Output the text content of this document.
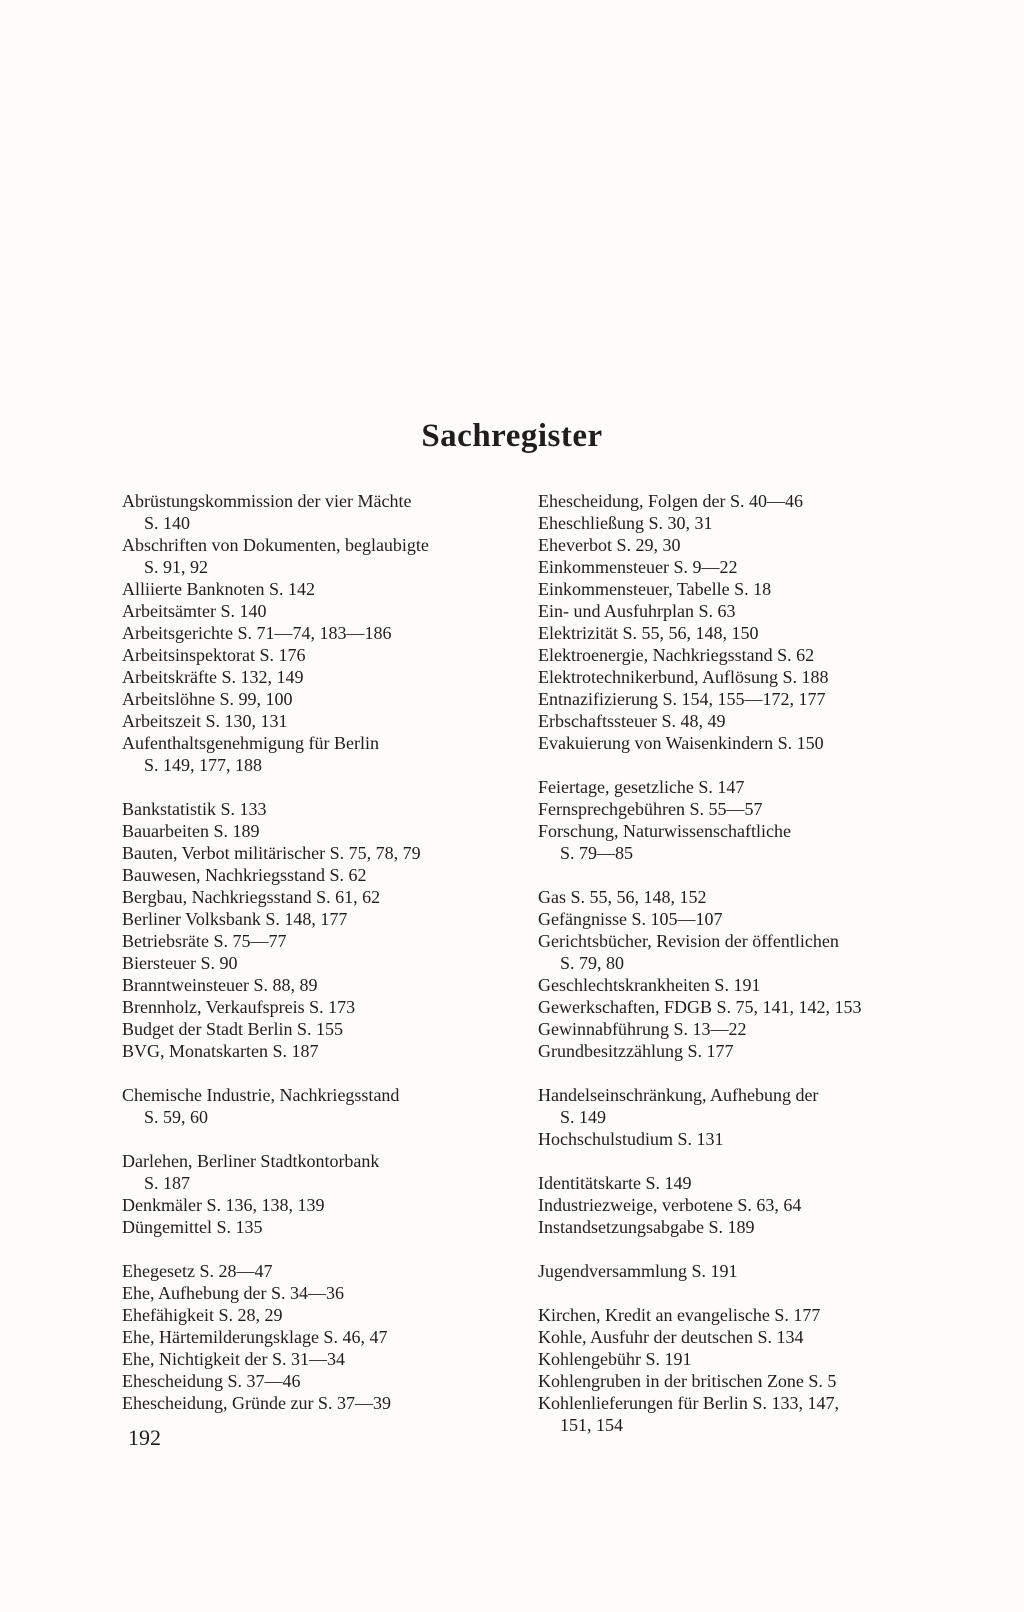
Sachregister
Abrüstungskommission der vier Mächte
S. 140
Abschriften von Dokumenten, beglaubigte
S. 91, 92
Alliierte Banknoten S. 142
Arbeitsämter S. 140
Arbeitsgerichte S. 71—74, 183—186
Arbeitsinspektorat S. 176
Arbeitskräfte S. 132, 149
Arbeitslöhne S. 99, 100
Arbeitszeit S. 130, 131
Aufenthaltsgenehmigung für Berlin
S. 149, 177, 188
Bankstatistik S. 133
Bauarbeiten S. 189
Bauten, Verbot militärischer S. 75, 78, 79
Bauwesen, Nachkriegsstand S. 62
Bergbau, Nachkriegsstand S. 61, 62
Berliner Volksbank S. 148, 177
Betriebsräte S. 75—77
Biersteuer S. 90
Branntweinsteuer S. 88, 89
Brennholz, Verkaufspreis S. 173
Budget der Stadt Berlin S. 155
BVG, Monatskarten S. 187
Chemische Industrie, Nachkriegsstand
S. 59, 60
Darlehen, Berliner Stadtkontorbank
S. 187
Denkmäler S. 136, 138, 139
Düngemittel S. 135
Ehegesetz S. 28—47
Ehe, Aufhebung der S. 34—36
Ehefähigkeit S. 28, 29
Ehe, Härtemilderungsklage S. 46, 47
Ehe, Nichtigkeit der S. 31—34
Ehescheidung S. 37—46
Ehescheidung, Gründe zur S. 37—39
Ehescheidung, Folgen der S. 40—46
Eheschließung S. 30, 31
Eheverbot S. 29, 30
Einkommensteuer S. 9—22
Einkommensteuer, Tabelle S. 18
Ein- und Ausfuhrplan S. 63
Elektrizität S. 55, 56, 148, 150
Elektroenergie, Nachkriegsstand S. 62
Elektrotechnikerbund, Auflösung S. 188
Entnazifizierung S. 154, 155—172, 177
Erbschaftssteuer S. 48, 49
Evakuierung von Waisenkindern S. 150
Feiertage, gesetzliche S. 147
Fernsprechgebühren S. 55—57
Forschung, Naturwissenschaftliche
S. 79—85
Gas S. 55, 56, 148, 152
Gefängnisse S. 105—107
Gerichtsbücher, Revision der öffentlichen
S. 79, 80
Geschlechtskrankheiten S. 191
Gewerkschaften, FDGB S. 75, 141, 142, 153
Gewinnabführung S. 13—22
Grundbesitzzählung S. 177
Handelseinschränkung, Aufhebung der
S. 149
Hochschulstudium S. 131
Identitätskarte S. 149
Industriezweige, verbotene S. 63, 64
Instandsetzungsabgabe S. 189
Jugendversammlung S. 191
Kirchen, Kredit an evangelische S. 177
Kohle, Ausfuhr der deutschen S. 134
Kohlengebühr S. 191
Kohlengruben in der britischen Zone S. 5
Kohlenlieferungen für Berlin S. 133, 147,
151, 154
192
